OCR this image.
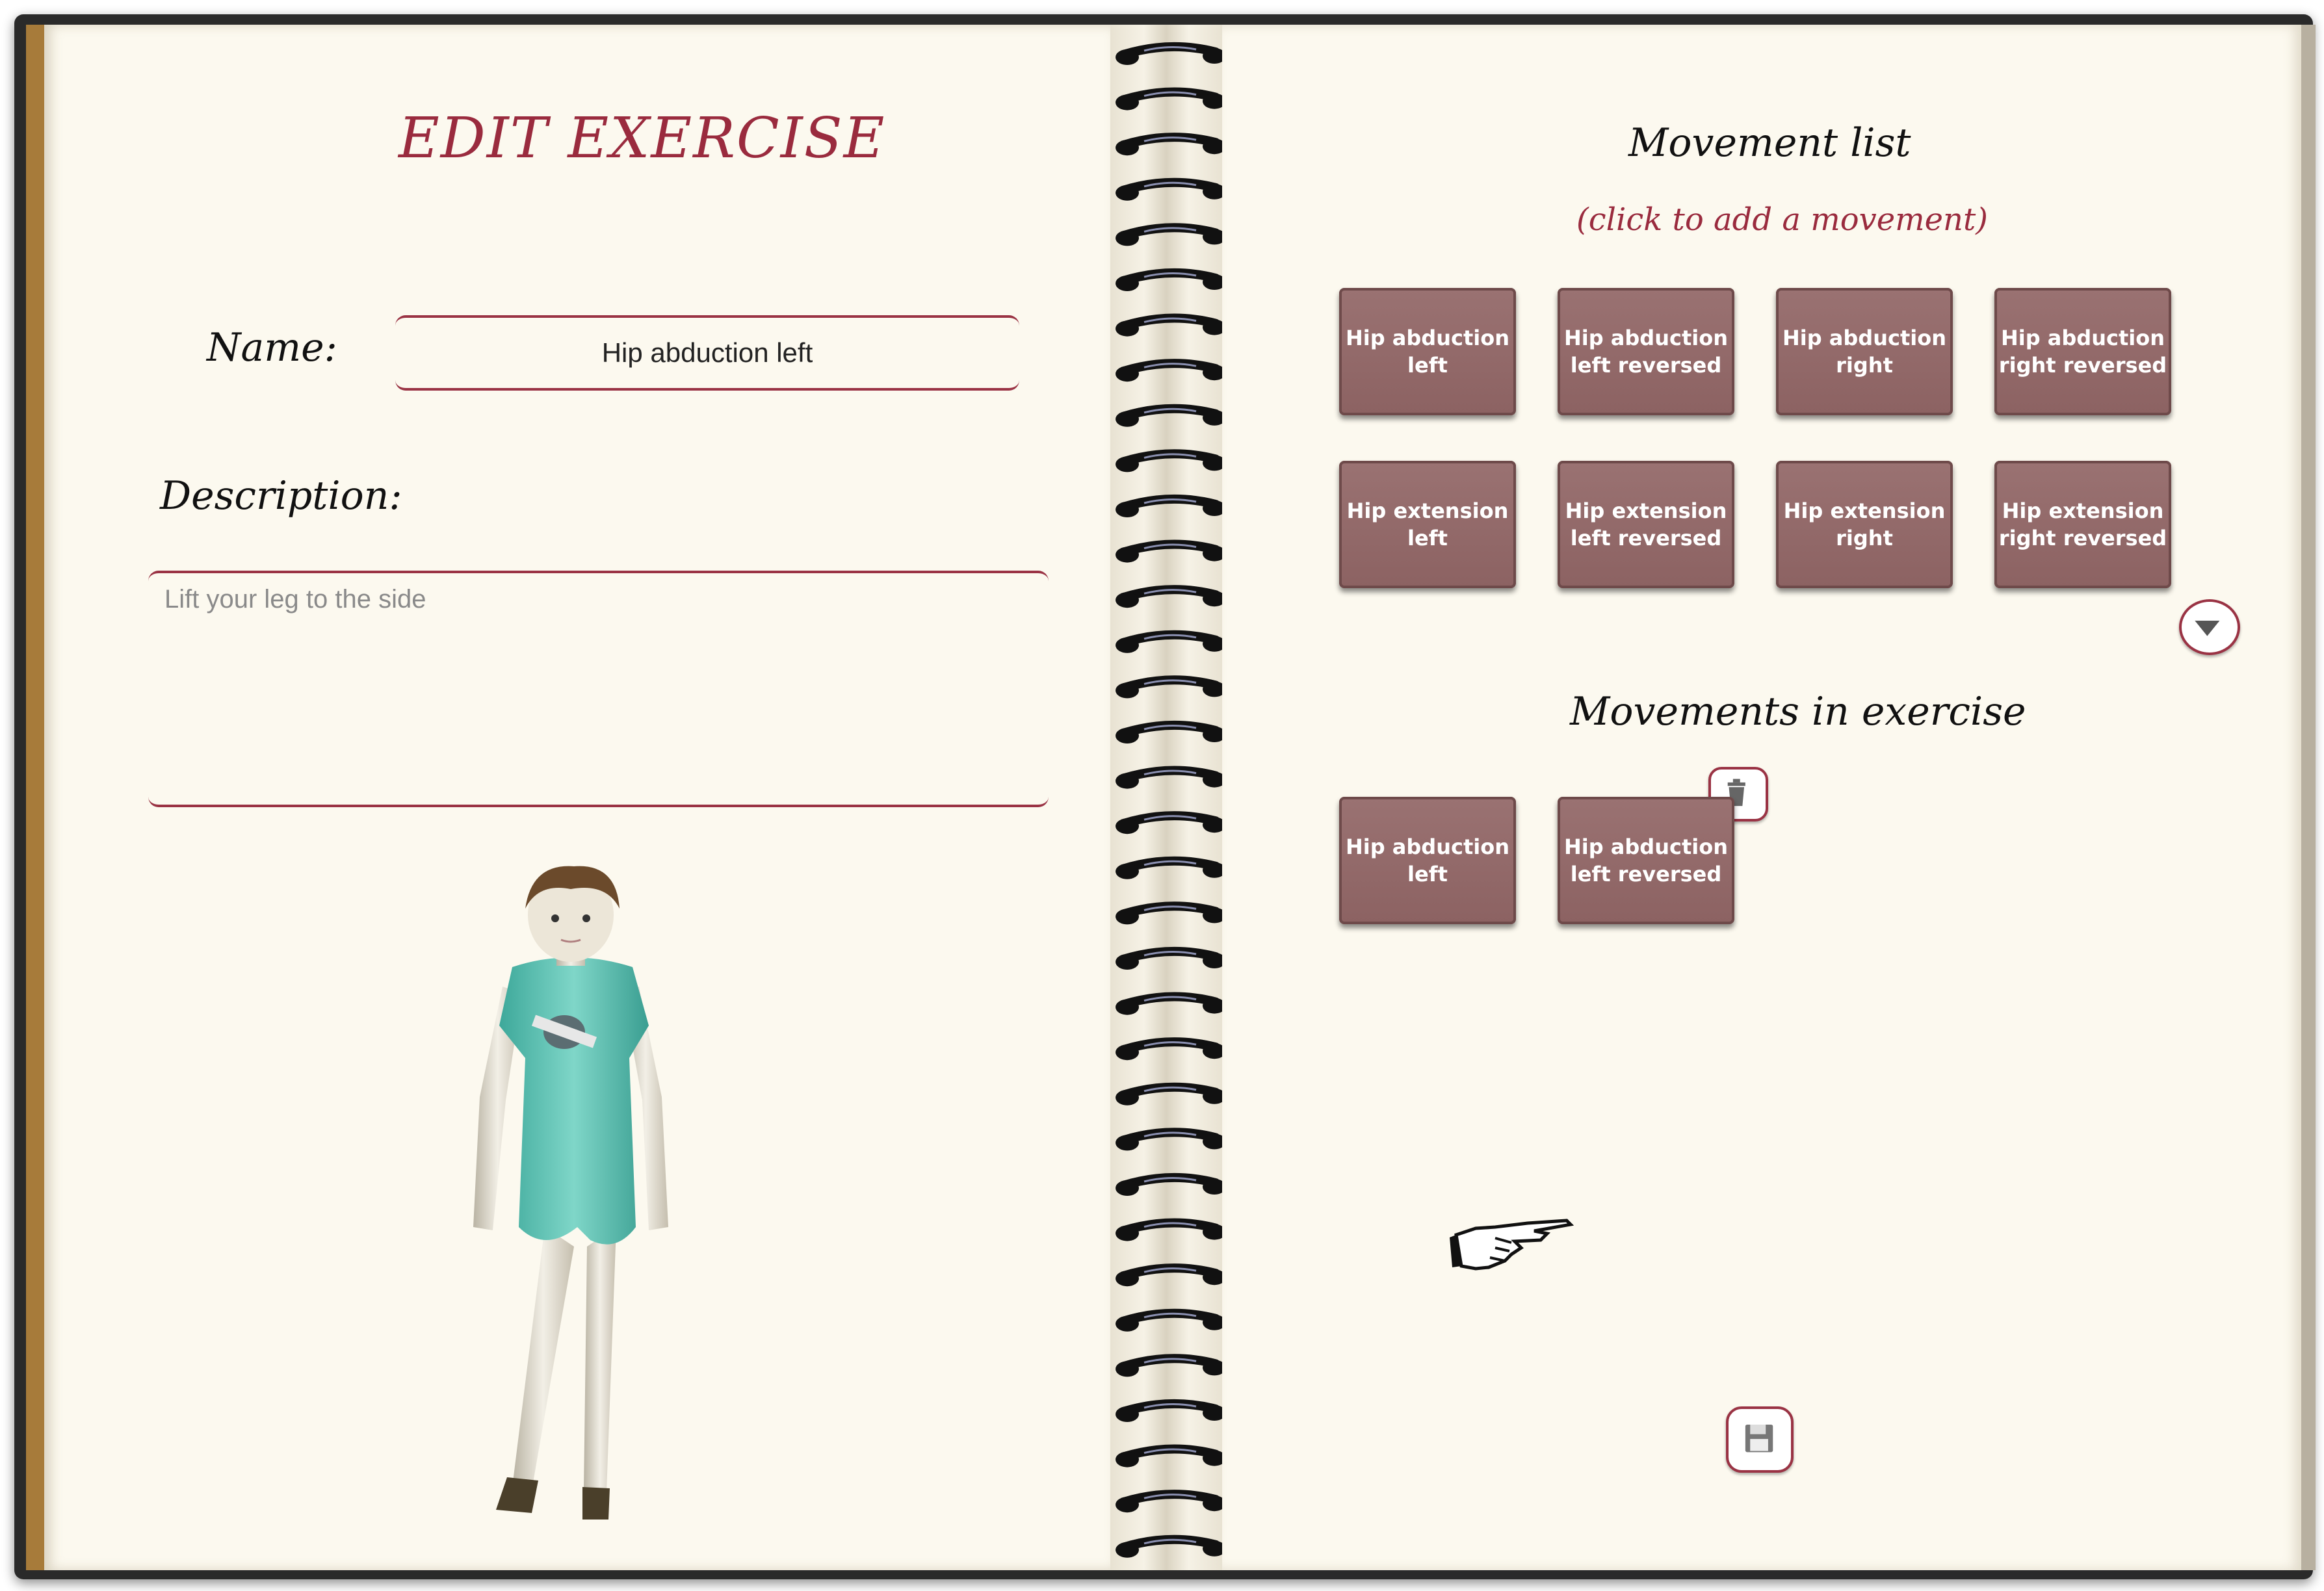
EDIT EXERCISE
Name:	Hip abduction left
Description:
Lift your leg to the side
Movement list
(click to add a movement)
Movements in exercise
Hip abduction left
Hip abduction left reversed
Hip abduction right
Hip abduction right reversed
Hip extension left
Hip extension left reversed
Hip extension right
Hip extension right reversed
Hip abduction left
Hip abduction left reversed
